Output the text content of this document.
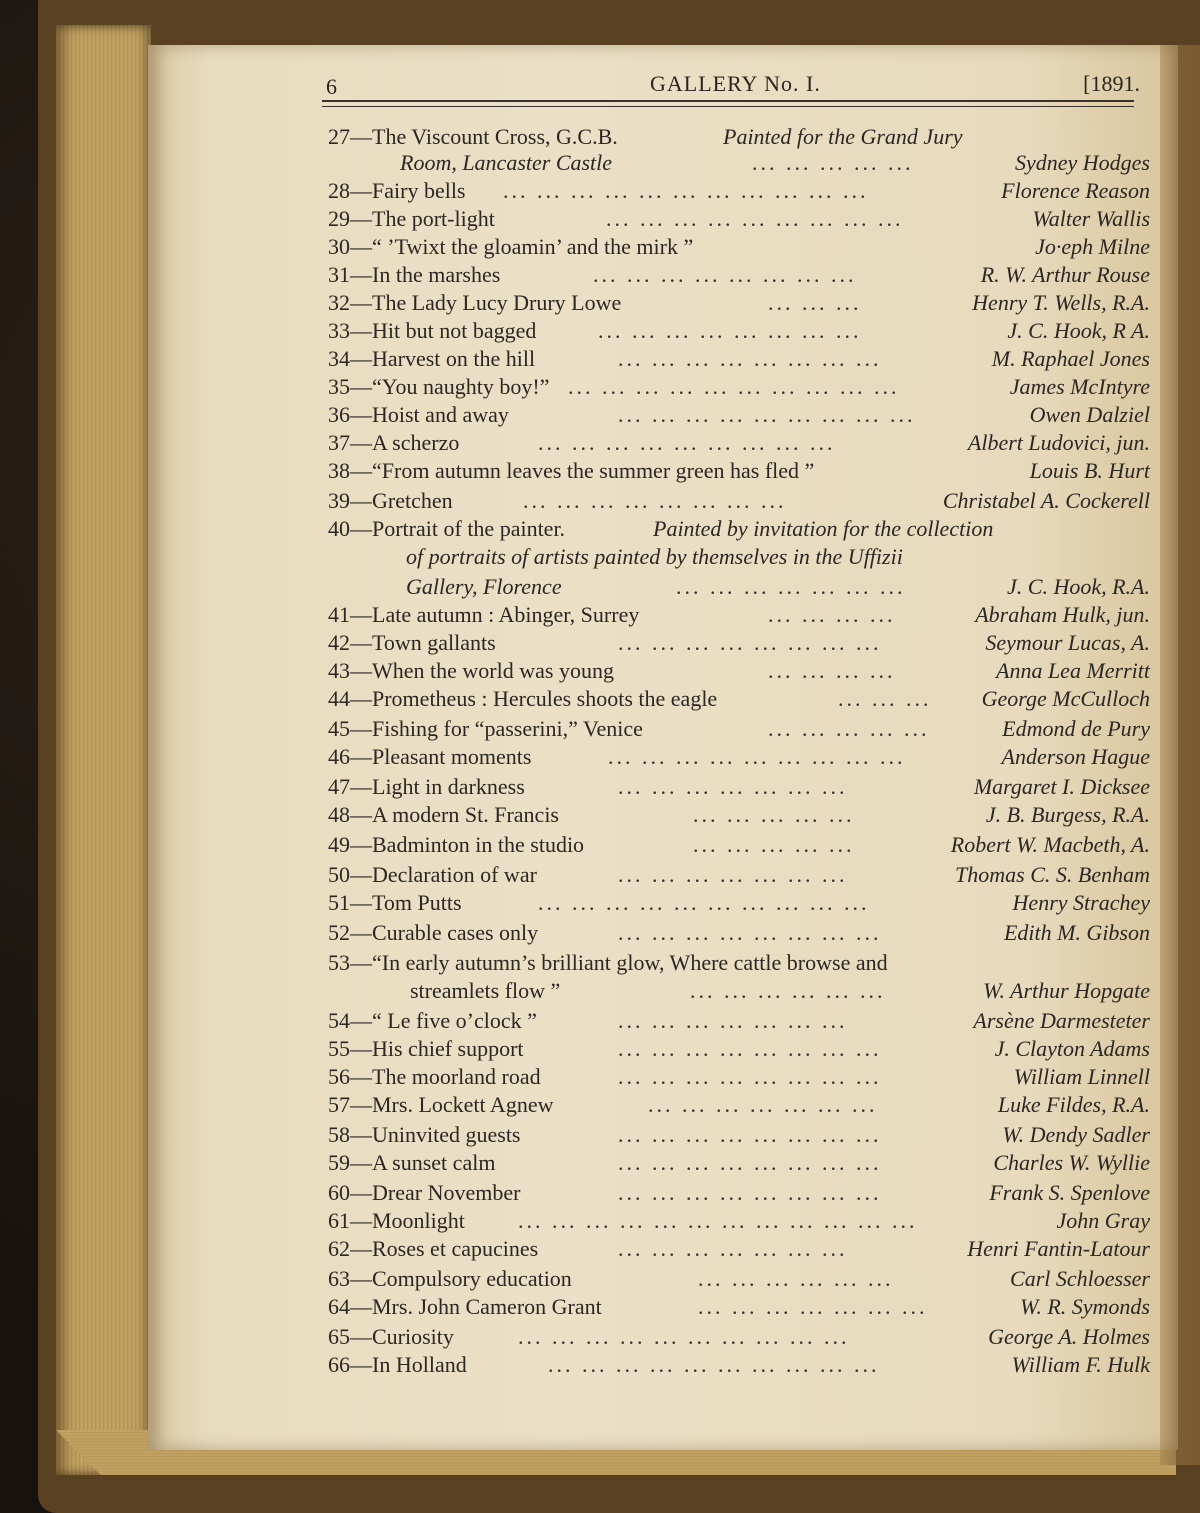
6	GALLERY No. I.	[1891.
27—The Viscount Cross, G.C.B.	Painted for the Grand Jury
Room, Lancaster Castle	Sydney Hodges
... ... ... ... ...
28—Fairy bells	Florence Reason
... ... ... ... ... ... ... ... ... ... ...
29—The port-light	Walter Wallis
... ... ... ... ... ... ... ... ...
30—“ ’Twixt the gloamin’ and the mirk ”	Jo·eph Milne
31—In the marshes	R. W. Arthur Rouse
... ... ... ... ... ... ... ...
32—The Lady Lucy Drury Lowe	Henry T. Wells, R.A.
... ... ...
33—Hit but not bagged	J. C. Hook, R A.
... ... ... ... ... ... ... ...
34—Harvest on the hill	M. Raphael Jones
... ... ... ... ... ... ... ...
35—“You naughty boy!”	James McIntyre
... ... ... ... ... ... ... ... ... ...
36—Hoist and away	Owen Dalziel
... ... ... ... ... ... ... ... ...
37—A scherzo	Albert Ludovici, jun.
... ... ... ... ... ... ... ... ...
38—“From autumn leaves the summer green has fled ”	Louis B. Hurt
39—Gretchen	Christabel A. Cockerell
... ... ... ... ... ... ... ...
40—Portrait of the painter.	Painted by invitation for the collection
of portraits of artists painted by themselves in the Uffizii
Gallery, Florence	J. C. Hook, R.A.
... ... ... ... ... ... ...
41—Late autumn : Abinger, Surrey	Abraham Hulk, jun.
... ... ... ...
42—Town gallants	Seymour Lucas, A.
... ... ... ... ... ... ... ...
43—When the world was young	Anna Lea Merritt
... ... ... ...
44—Prometheus : Hercules shoots the eagle	George McCulloch
... ... ...
45—Fishing for “passerini,” Venice	Edmond de Pury
... ... ... ... ...
46—Pleasant moments	Anderson Hague
... ... ... ... ... ... ... ... ...
47—Light in darkness	Margaret I. Dicksee
... ... ... ... ... ... ...
48—A modern St. Francis	J. B. Burgess, R.A.
... ... ... ... ...
49—Badminton in the studio	Robert W. Macbeth, A.
... ... ... ... ...
50—Declaration of war	Thomas C. S. Benham
... ... ... ... ... ... ...
51—Tom Putts	Henry Strachey
... ... ... ... ... ... ... ... ... ...
52—Curable cases only	Edith M. Gibson
... ... ... ... ... ... ... ...
53—“In early autumn’s brilliant glow, Where cattle browse and
streamlets flow ”	W. Arthur Hopgate
... ... ... ... ... ...
54—“ Le five o’clock ”	Arsène Darmesteter
... ... ... ... ... ... ...
55—His chief support	J. Clayton Adams
... ... ... ... ... ... ... ...
56—The moorland road	William Linnell
... ... ... ... ... ... ... ...
57—Mrs. Lockett Agnew	Luke Fildes, R.A.
... ... ... ... ... ... ...
58—Uninvited guests	W. Dendy Sadler
... ... ... ... ... ... ... ...
59—A sunset calm	Charles W. Wyllie
... ... ... ... ... ... ... ...
60—Drear November	Frank S. Spenlove
... ... ... ... ... ... ... ...
61—Moonlight	John Gray
... ... ... ... ... ... ... ... ... ... ... ...
62—Roses et capucines	Henri Fantin-Latour
... ... ... ... ... ... ...
63—Compulsory education	Carl Schloesser
... ... ... ... ... ...
64—Mrs. John Cameron Grant	W. R. Symonds
... ... ... ... ... ... ...
65—Curiosity	George A. Holmes
... ... ... ... ... ... ... ... ... ...
66—In Holland	William F. Hulk
... ... ... ... ... ... ... ... ... ...
